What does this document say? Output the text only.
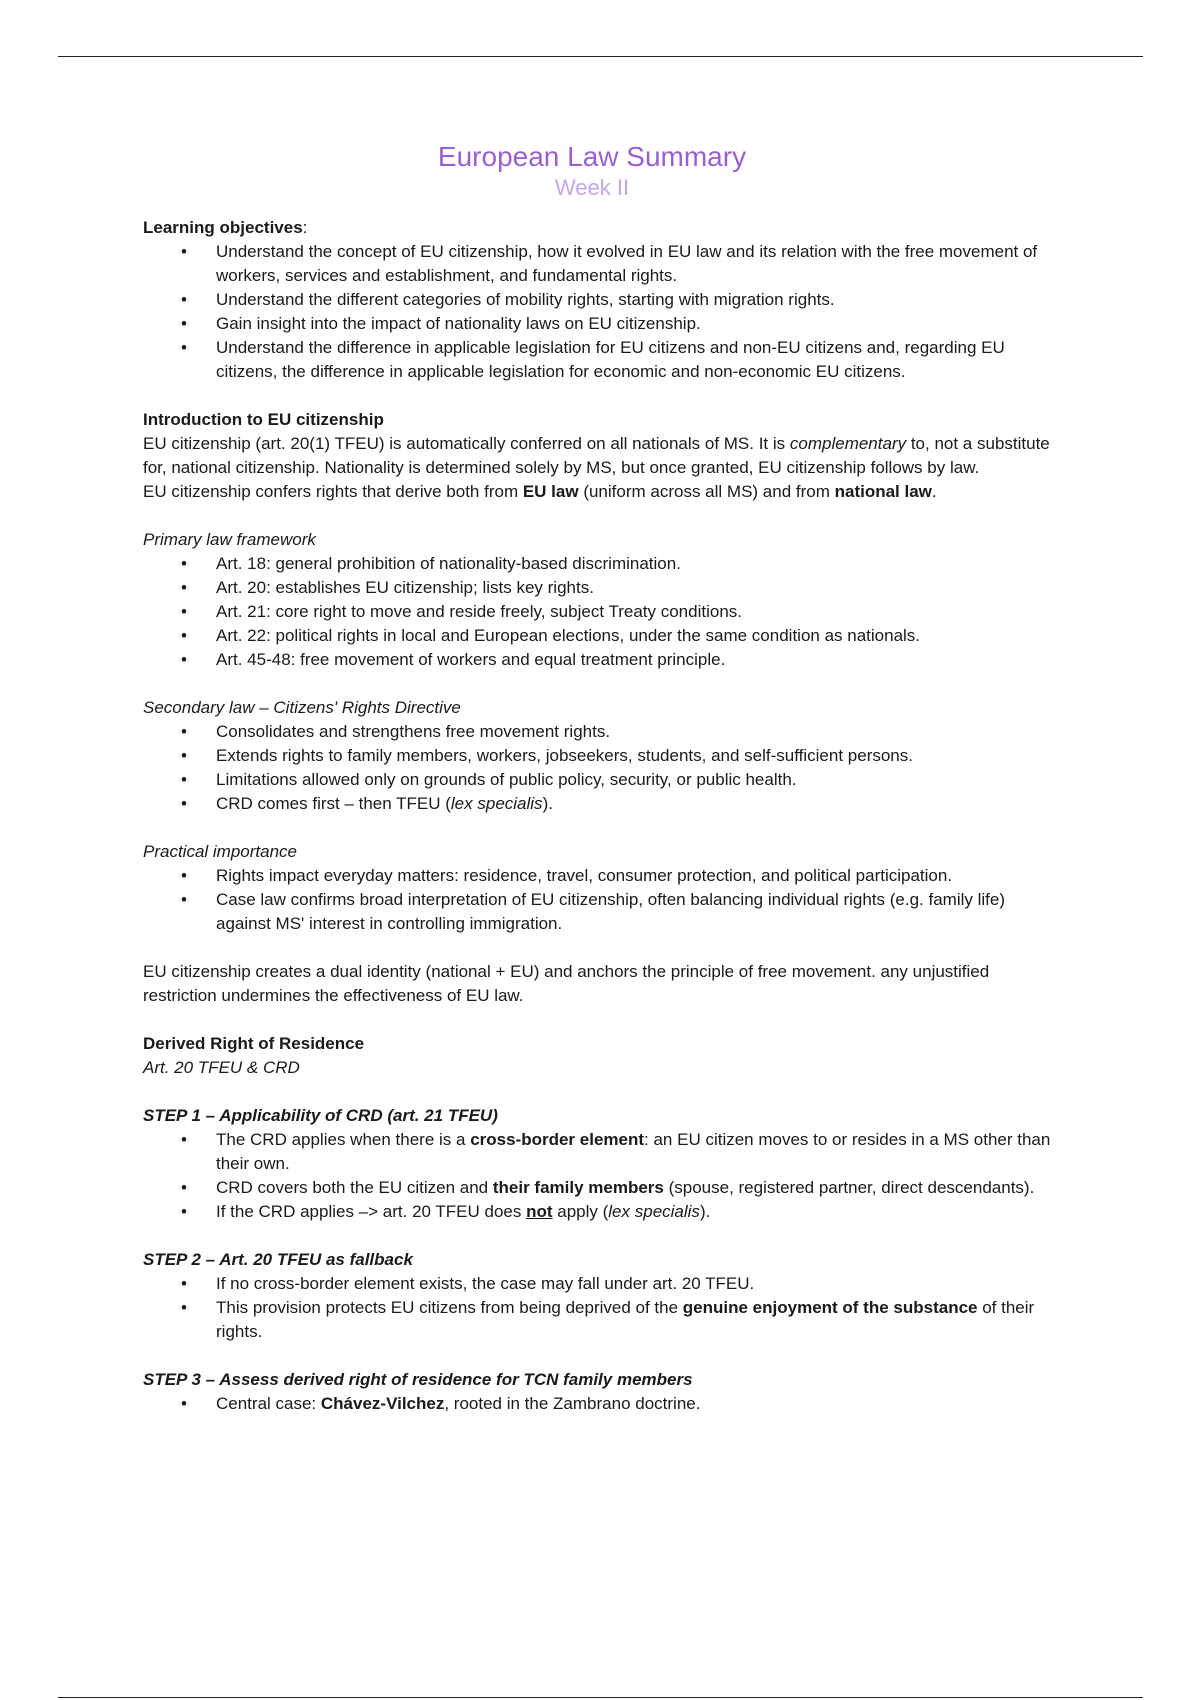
European Law Summary
Week II

Learning objectives:

• Understand the concept of EU citizenship, how it evolved in EU law and its relation with the free movement of workers, services and establishment, and fundamental rights.
• Understand the different categories of mobility rights, starting with migration rights.
• Gain insight into the impact of nationality laws on EU citizenship.
• Understand the difference in applicable legislation for EU citizens and non-EU citizens and, regarding EU citizens, the difference in applicable legislation for economic and non-economic EU citizens.

Introduction to EU citizenship

EU citizenship (art. 20(1) TFEU) is automatically conferred on all nationals of MS. It is complementary to, not a substitute for, national citizenship. Nationality is determined solely by MS, but once granted, EU citizenship follows by law.

EU citizenship confers rights that derive both from EU law (uniform across all MS) and from national law.

Primary law framework

• Art. 18: general prohibition of nationality-based discrimination.
• Art. 20: establishes EU citizenship; lists key rights.
• Art. 21: core right to move and reside freely, subject Treaty conditions.
• Art. 22: political rights in local and European elections, under the same condition as nationals.
• Art. 45-48: free movement of workers and equal treatment principle.

Secondary law – Citizens' Rights Directive

• Consolidates and strengthens free movement rights.
• Extends rights to family members, workers, jobseekers, students, and self-sufficient persons.
• Limitations allowed only on grounds of public policy, security, or public health.
• CRD comes first – then TFEU (lex specialis).

Practical importance

• Rights impact everyday matters: residence, travel, consumer protection, and political participation.
• Case law confirms broad interpretation of EU citizenship, often balancing individual rights (e.g. family life) against MS' interest in controlling immigration.

EU citizenship creates a dual identity (national + EU) and anchors the principle of free movement. any unjustified restriction undermines the effectiveness of EU law.

Derived Right of Residence

Art. 20 TFEU & CRD

STEP 1 – Applicability of CRD (art. 21 TFEU)

• The CRD applies when there is a cross-border element: an EU citizen moves to or resides in a MS other than their own.
• CRD covers both the EU citizen and their family members (spouse, registered partner, direct descendants).
• If the CRD applies –> art. 20 TFEU does not apply (lex specialis).

STEP 2 – Art. 20 TFEU as fallback

• If no cross-border element exists, the case may fall under art. 20 TFEU.
• This provision protects EU citizens from being deprived of the genuine enjoyment of the substance of their rights.

STEP 3 – Assess derived right of residence for TCN family members

• Central case: Chávez-Vilchez, rooted in the Zambrano doctrine.
